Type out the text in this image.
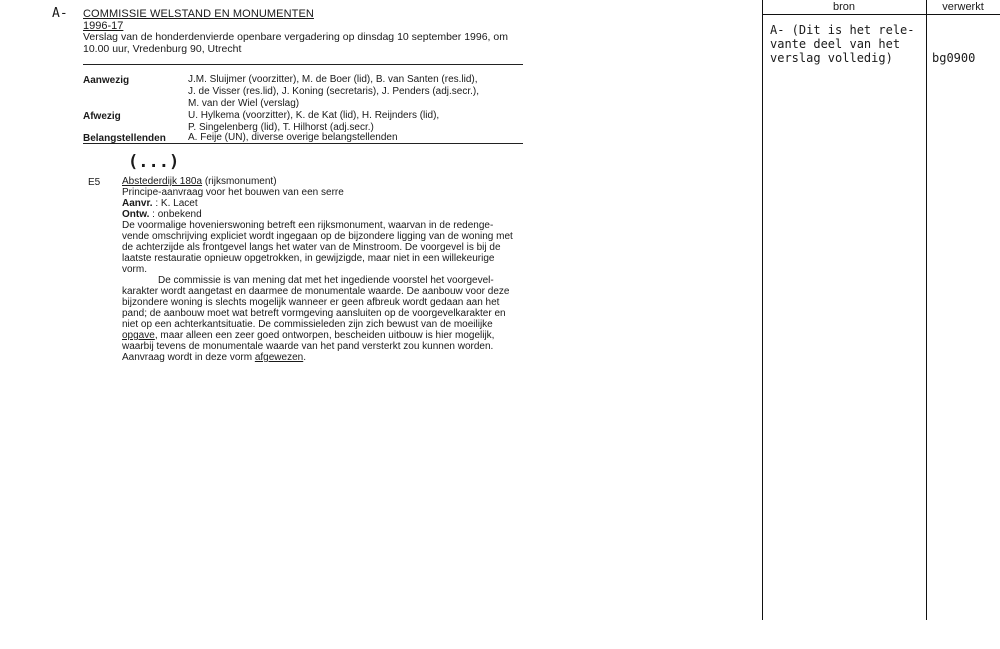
A- COMMISSIE WELSTAND EN MONUMENTEN
1996-17
Verslag van de honderdenvierde openbare vergadering op dinsdag 10 september 1996, om
10.00 uur, Vredenburg 90, Utrecht
Aanwezig	J.M. Sluijmer (voorzitter), M. de Boer (lid), B. van Santen (res.lid),
J. de Visser (res.lid), J. Koning (secretaris), J. Penders (adj.secr.),
M. van der Wiel (verslag)
Afwezig	U. Hylkema (voorzitter), K. de Kat (lid), H. Reijnders (lid),
P. Singelenberg (lid), T. Hilhorst (adj.secr.)
Belangstellenden A. Feije (UN), diverse overige belangstellenden
(...)
E5 Abstederdijk 180a (rijksmonument)
Principe-aanvraag voor het bouwen van een serre
Aanvr. : K. Lacet
Ontw. : onbekend
De voormalige hovenierswoning betreft een rijksmonument, waarvan in de redenge-
vende omschrijving expliciet wordt ingegaan op de bijzondere ligging van de woning met
de achterzijde als frontgevel langs het water van de Minstroom. De voorgevel is bij de
laatste restauratie opnieuw opgetrokken, in gewijzigde, maar niet in een willekeurige
vorm.
De commissie is van mening dat met het ingediende voorstel het voorgevel-
karakter wordt aangetast en daarmee de monumentale waarde. De aanbouw voor deze
bijzondere woning is slechts mogelijk wanneer er geen afbreuk wordt gedaan aan het
pand; de aanbouw moet wat betreft vormgeving aansluiten op de voorgevelkarakter en
niet op een achterkantsituatie. De commissieleden zijn zich bewust van de moeilijke
opgave, maar alleen een zeer goed ontworpen, bescheiden uitbouw is hier mogelijk,
waarbij tevens de monumentale waarde van het pand versterkt zou kunnen worden.
Aanvraag wordt in deze vorm afgewezen.
bron	verwerkt
A- (Dit is het rele-
vante deel van het
verslag volledig)	bg0900
